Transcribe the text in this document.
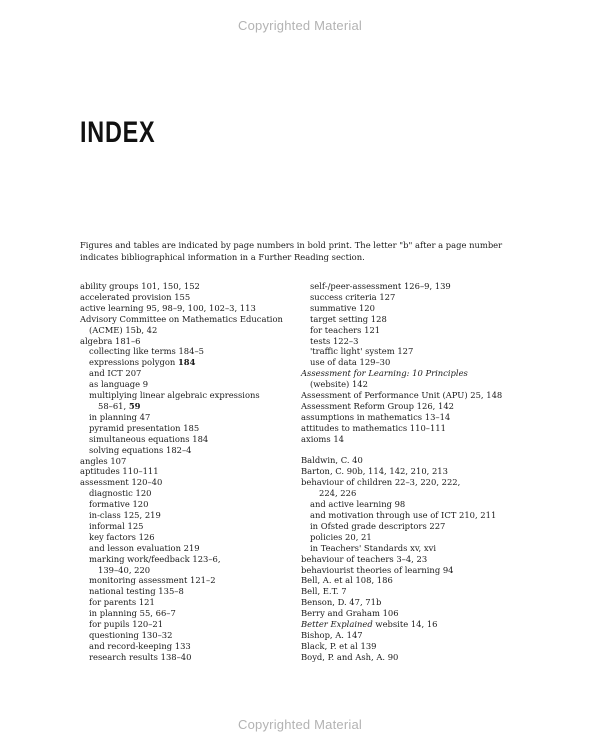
Copyrighted Material
INDEX
Figures and tables are indicated by page numbers in bold print. The letter "b" after a page number indicates bibliographical information in a Further Reading section.
ability groups 101, 150, 152
accelerated provision 155
active learning 95, 98–9, 100, 102–3, 113
Advisory Committee on Mathematics Education
(ACME) 15b, 42
algebra 181–6
collecting like terms 184–5
expressions polygon 184
and ICT 207
as language 9
multiplying linear algebraic expressions
58–61, 59
in planning 47
pyramid presentation 185
simultaneous equations 184
solving equations 182–4
angles 107
aptitudes 110–111
assessment 120–40
diagnostic 120
formative 120
in-class 125, 219
informal 125
key factors 126
and lesson evaluation 219
marking work/feedback 123–6,
139–40, 220
monitoring assessment 121–2
national testing 135–8
for parents 121
in planning 55, 66–7
for pupils 120–21
questioning 130–32
and record-keeping 133
research results 138–40
self-/peer-assessment 126–9, 139
success criteria 127
summative 120
target setting 128
for teachers 121
tests 122–3
'traffic light' system 127
use of data 129–30
Assessment for Learning: 10 Principles
(website) 142
Assessment of Performance Unit (APU) 25, 148
Assessment Reform Group 126, 142
assumptions in mathematics 13–14
attitudes to mathematics 110–111
axioms 14
Baldwin, C. 40
Barton, C. 90b, 114, 142, 210, 213
behaviour of children 22–3, 220, 222,
224, 226
and active learning 98
and motivation through use of ICT 210, 211
in Ofsted grade descriptors 227
policies 20, 21
in Teachers' Standards xv, xvi
behaviour of teachers 3–4, 23
behaviourist theories of learning 94
Bell, A. et al 108, 186
Bell, E.T. 7
Benson, D. 47, 71b
Berry and Graham 106
Better Explained website 14, 16
Bishop, A. 147
Black, P. et al 139
Boyd, P. and Ash, A. 90
Copyrighted Material
